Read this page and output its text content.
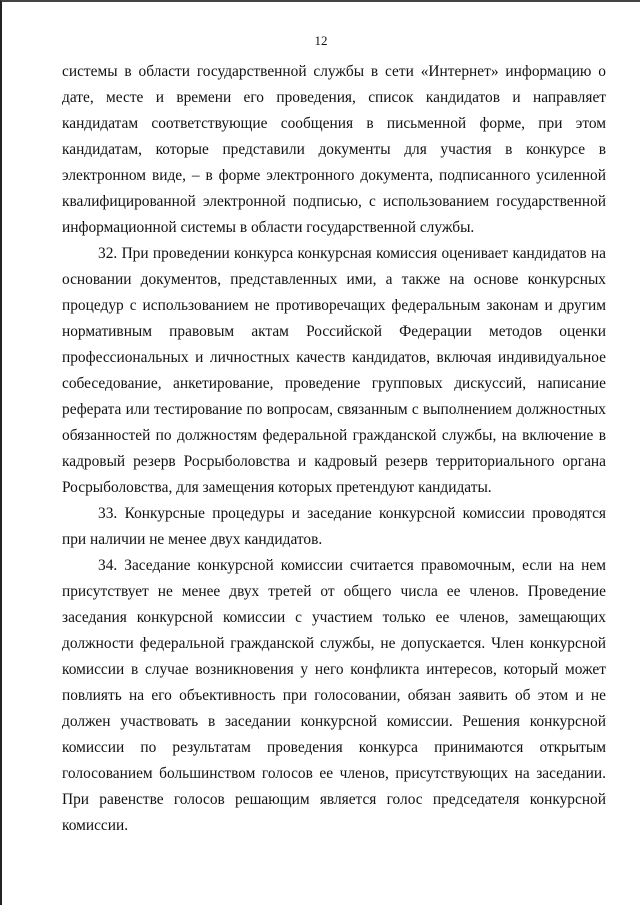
12

системы в области государственной службы в сети «Интернет» информацию о дате, месте и времени его проведения, список кандидатов и направляет кандидатам соответствующие сообщения в письменной форме, при этом кандидатам, которые представили документы для участия в конкурсе в электронном виде, – в форме электронного документа, подписанного усиленной квалифицированной электронной подписью, с использованием государственной информационной системы в области государственной службы.

32. При проведении конкурса конкурсная комиссия оценивает кандидатов на основании документов, представленных ими, а также на основе конкурсных процедур с использованием не противоречащих федеральным законам и другим нормативным правовым актам Российской Федерации методов оценки профессиональных и личностных качеств кандидатов, включая индивидуальное собеседование, анкетирование, проведение групповых дискуссий, написание реферата или тестирование по вопросам, связанным с выполнением должностных обязанностей по должностям федеральной гражданской службы, на включение в кадровый резерв Росрыболовства и кадровый резерв территориального органа Росрыболовства, для замещения которых претендуют кандидаты.

33. Конкурсные процедуры и заседание конкурсной комиссии проводятся при наличии не менее двух кандидатов.

34. Заседание конкурсной комиссии считается правомочным, если на нем присутствует не менее двух третей от общего числа ее членов. Проведение заседания конкурсной комиссии с участием только ее членов, замещающих должности федеральной гражданской службы, не допускается. Член конкурсной комиссии в случае возникновения у него конфликта интересов, который может повлиять на его объективность при голосовании, обязан заявить об этом и не должен участвовать в заседании конкурсной комиссии. Решения конкурсной комиссии по результатам проведения конкурса принимаются открытым голосованием большинством голосов ее членов, присутствующих на заседании. При равенстве голосов решающим является голос председателя конкурсной комиссии.
